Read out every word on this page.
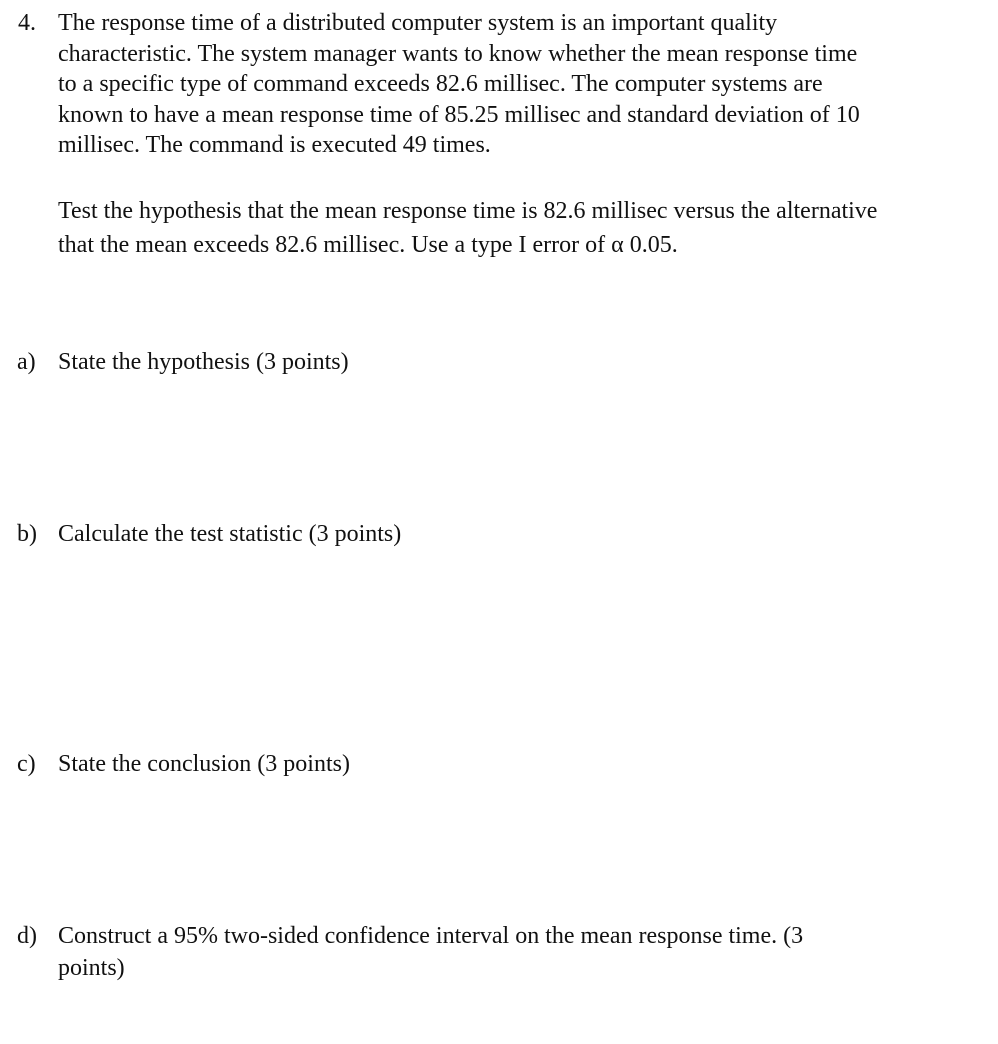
4. The response time of a distributed computer system is an important quality

characteristic. The system manager wants to know whether the mean response time

to a specific type of command exceeds 82.6 millisec. The computer systems are

known to have a mean response time of 85.25 millisec and standard deviation of 10

millisec. The command is executed 49 times.

Test the hypothesis that the mean response time is 82.6 millisec versus the alternative
that the mean exceeds 82.6 millisec. Use a type I error of α 0.05.
a) State the hypothesis (3 points)
b) Calculate the test statistic (3 points)
c) State the conclusion (3 points)
d) Construct a 95% two-sided confidence interval on the mean response time. (3
points)
